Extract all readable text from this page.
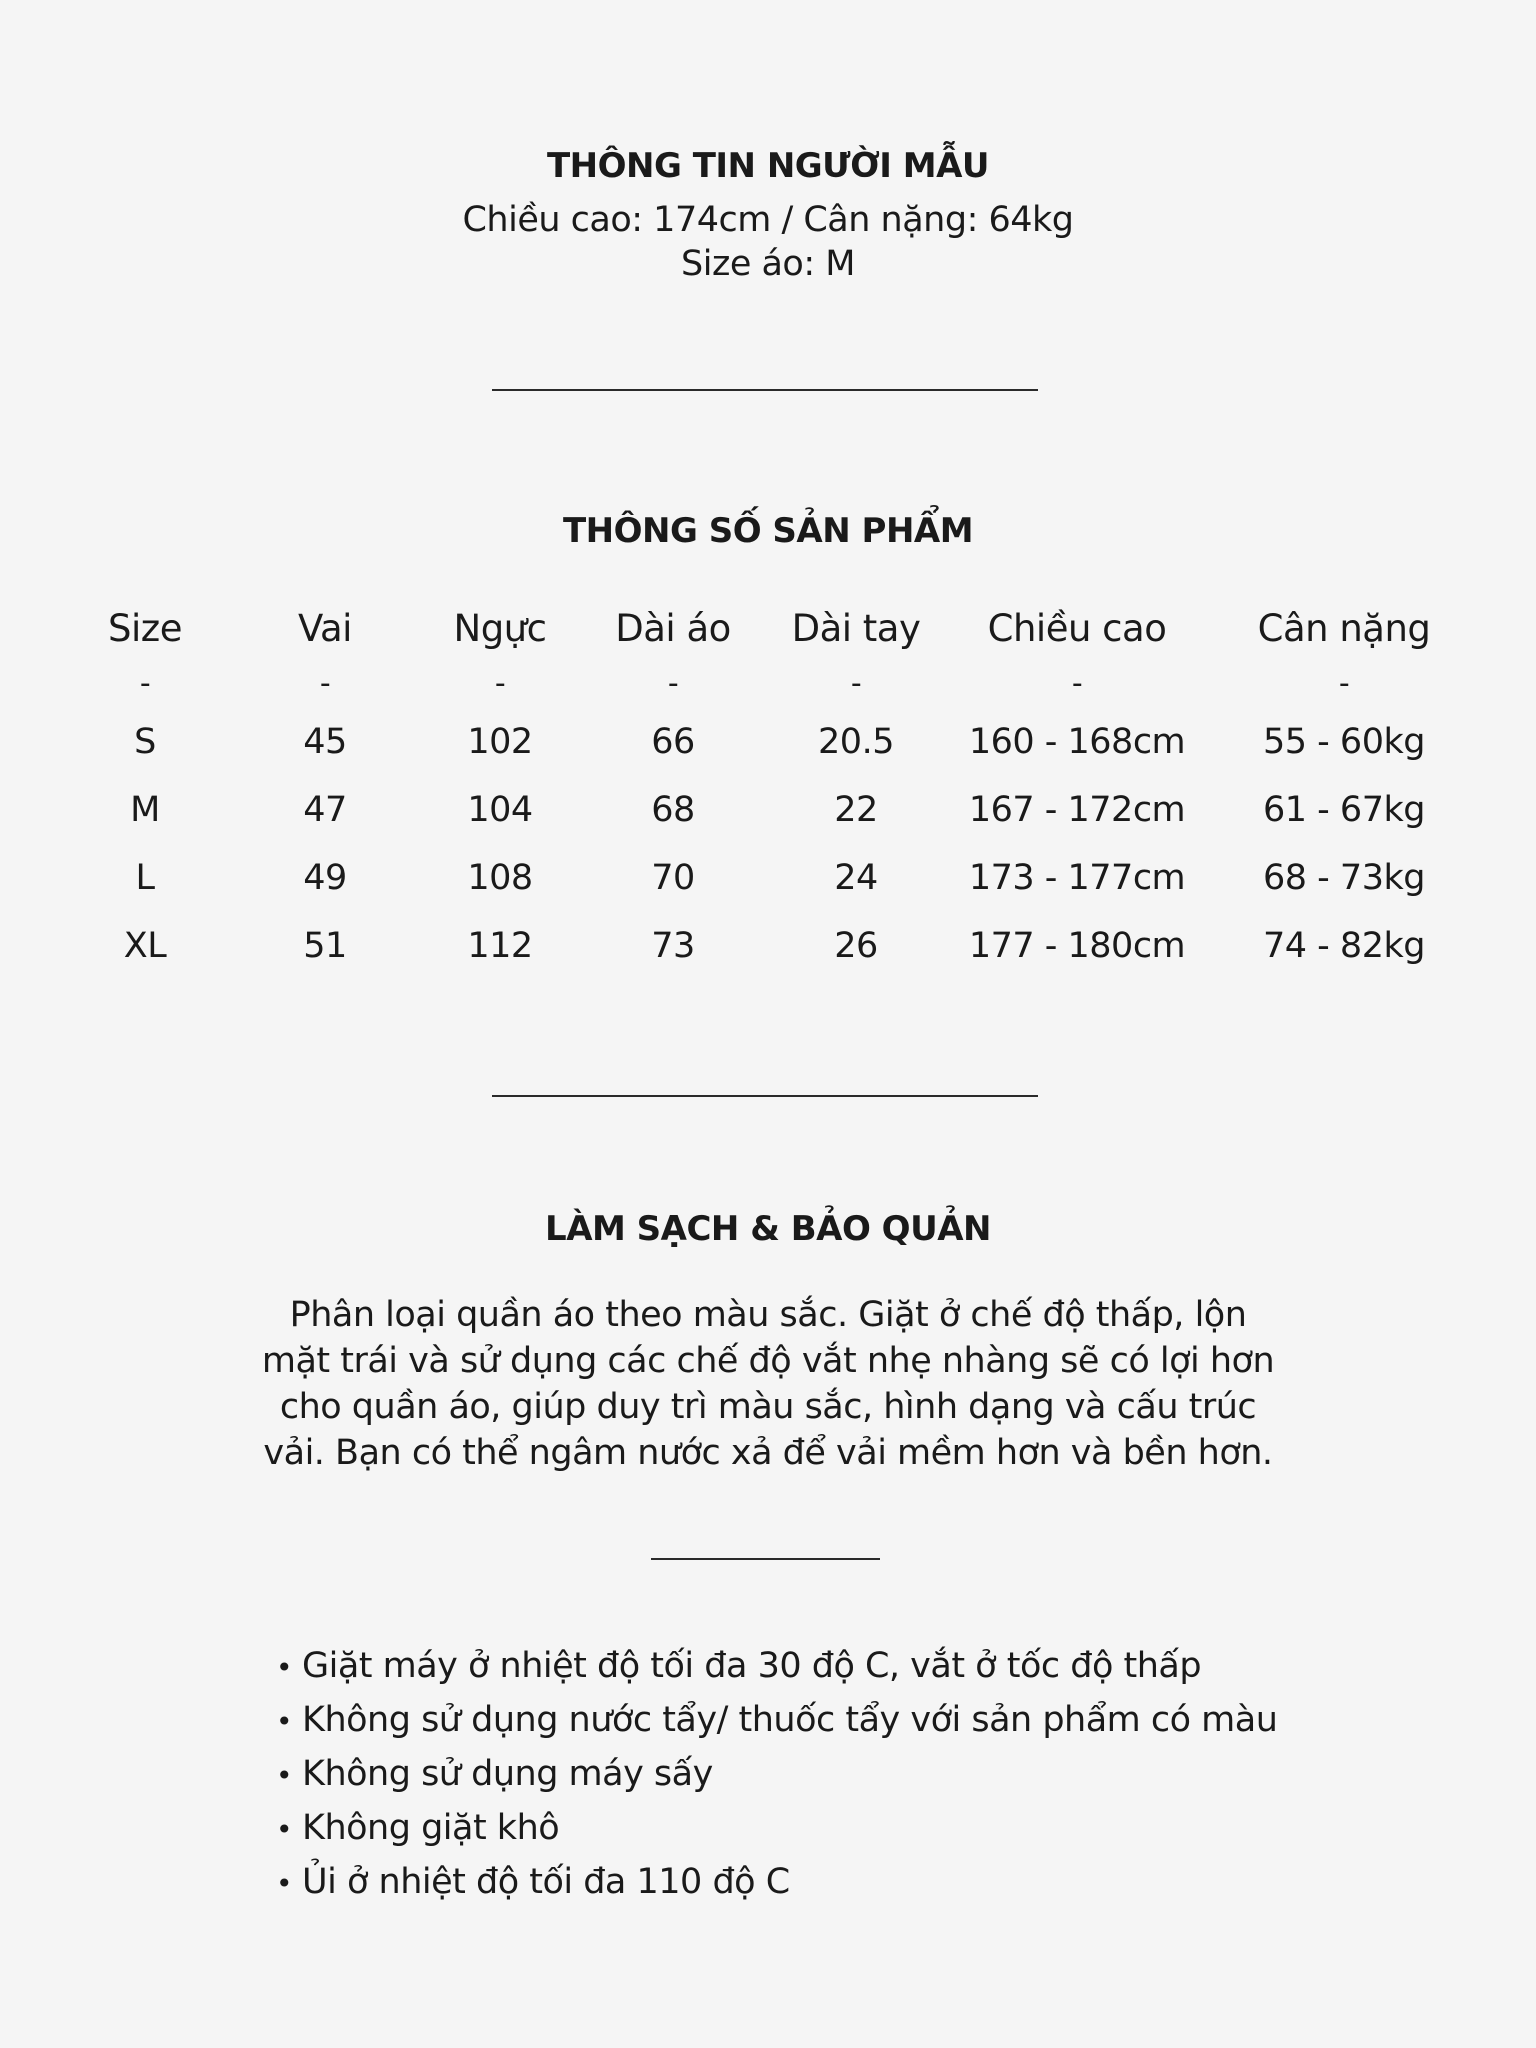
THÔNG TIN NGƯỜI MẪU
Chiều cao: 174cm / Cân nặng: 64kg
Size áo: M
THÔNG SỐ SẢN PHẨM
Size	Vai	Ngực	Dài áo	Dài tay	Chiều cao	Cân nặng
-	-	-	-	-	-	-
S	45	102	66	20.5	160 - 168cm	55 - 60kg
M	47	104	68	22	167 - 172cm	61 - 67kg
L	49	108	70	24	173 - 177cm	68 - 73kg
XL	51	112	73	26	177 - 180cm	74 - 82kg
LÀM SẠCH & BẢO QUẢN

Phân loại quần áo theo màu sắc. Giặt ở chế độ thấp, lộn mặt trái và sử dụng các chế độ vắt nhẹ nhàng sẽ có lợi hơn cho quần áo, giúp duy trì màu sắc, hình dạng và cấu trúc vải. Bạn có thể ngâm nước xả để vải mềm hơn và bền hơn.

• Giặt máy ở nhiệt độ tối đa 30 độ C, vắt ở tốc độ thấp
• Không sử dụng nước tẩy/ thuốc tẩy với sản phẩm có màu
• Không sử dụng máy sấy
• Không giặt khô
• Ủi ở nhiệt độ tối đa 110 độ C
